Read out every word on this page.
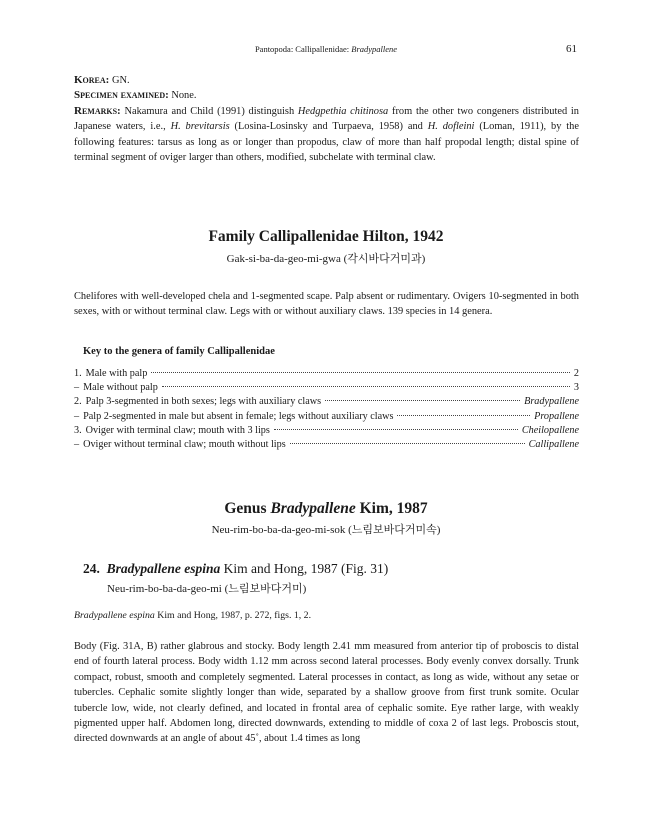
Pantopoda: Callipallenidae: Bradypallene	61
Korea: GN.
Specimen examined: None.
Remarks: Nakamura and Child (1991) distinguish Hedgpethia chitinosa from the other two congeners distributed in Japanese waters, i.e., H. brevitarsis (Losina-Losinsky and Turpaeva, 1958) and H. dofleini (Loman, 1911), by the following features: tarsus as long as or longer than propodus, claw of more than half propodal length; distal spine of terminal segment of oviger larger than others, modified, subchelate with terminal claw.
Family Callipallenidae Hilton, 1942
Gak-si-ba-da-geo-mi-gwa (각시바다거미과)
Chelifores with well-developed chela and 1-segmented scape. Palp absent or rudimentary. Ovigers 10-segmented in both sexes, with or without terminal claw. Legs with or without auxiliary claws. 139 species in 14 genera.
Key to the genera of family Callipallenidae
1. Male with palp	2
– Male without palp	3
2. Palp 3-segmented in both sexes; legs with auxiliary claws	Bradypallene
– Palp 2-segmented in male but absent in female; legs without auxiliary claws	Propallene
3. Oviger with terminal claw; mouth with 3 lips	Cheilopallene
– Oviger without terminal claw; mouth without lips	Callipallene
Genus Bradypallene Kim, 1987
Neu-rim-bo-ba-da-geo-mi-sok (느림보바다거미속)
24. Bradypallene espina Kim and Hong, 1987 (Fig. 31)
Neu-rim-bo-ba-da-geo-mi (느림보바다거미)
Bradypallene espina Kim and Hong, 1987, p. 272, figs. 1, 2.
Body (Fig. 31A, B) rather glabrous and stocky. Body length 2.41 mm measured from anterior tip of proboscis to distal end of fourth lateral process. Body width 1.12 mm across second lateral processes. Body evenly convex dorsally. Trunk compact, robust, smooth and completely segmented. Lateral processes in contact, as long as wide, without any setae or tubercles. Cephalic somite slightly longer than wide, separated by a shallow groove from first trunk somite. Ocular tubercle low, wide, not clearly defined, and located in frontal area of cephalic somite. Eye rather large, with weakly pigmented upper half. Abdomen long, directed downwards, extending to middle of coxa 2 of last legs. Proboscis stout, directed downwards at an angle of about 45˚, about 1.4 times as long
